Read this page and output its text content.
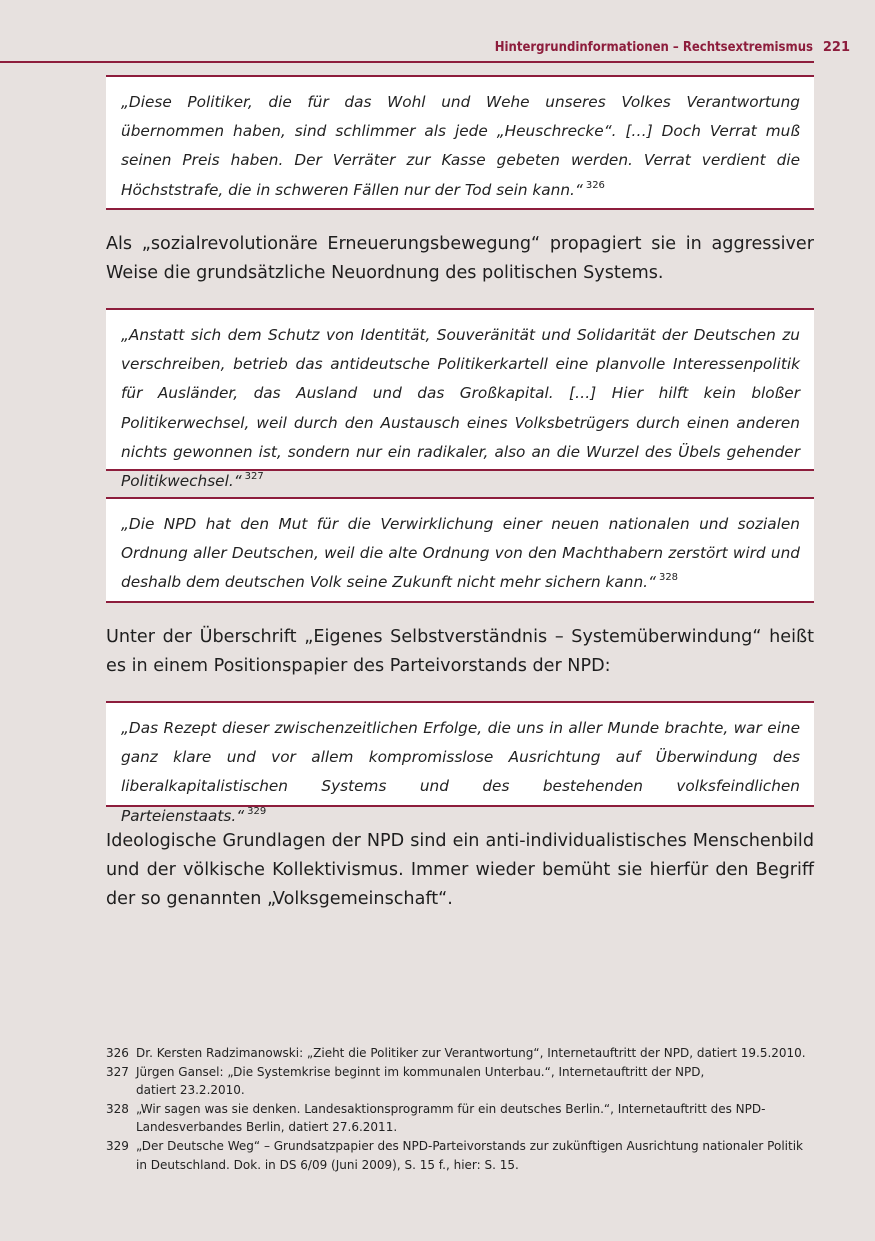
Hintergrundinformationen – Rechtsextremismus 221
„Diese Politiker, die für das Wohl und Wehe unseres Volkes Verantwortung übernommen haben, sind schlimmer als jede „Heuschrecke“. […] Doch Verrat muß seinen Preis haben. Der Verräter zur Kasse gebeten werden. Verrat verdient die Höchststrafe, die in schweren Fällen nur der Tod sein kann.“ $^{326}$
Als „sozialrevolutionäre Erneuerungsbewegung“ propagiert sie in aggressiver Weise die grundsätzliche Neuordnung des politischen Systems.
„Anstatt sich dem Schutz von Identität, Souveränität und Solidarität der Deutschen zu verschreiben, betrieb das antideutsche Politikerkartell eine planvolle Interessenpolitik für Ausländer, das Ausland und das Großkapital. […] Hier hilft kein bloßer Politikerwechsel, weil durch den Austausch eines Volksbetrügers durch einen anderen nichts gewonnen ist, sondern nur ein radikaler, also an die Wurzel des Übels gehender Politikwechsel.“ $^{327}$
„Die NPD hat den Mut für die Verwirklichung einer neuen nationalen und sozialen Ordnung aller Deutschen, weil die alte Ordnung von den Machthabern zerstört wird und deshalb dem deutschen Volk seine Zukunft nicht mehr sichern kann.“ $^{328}$
Unter der Überschrift „Eigenes Selbstverständnis – Systemüberwindung“ heißt es in einem Positionspapier des Parteivorstands der NPD:
„Das Rezept dieser zwischenzeitlichen Erfolge, die uns in aller Munde brachte, war eine ganz klare und vor allem kompromisslose Ausrichtung auf Überwindung des liberalkapitalistischen Systems und des bestehenden volksfeindlichen Parteienstaats.“ $^{329}$
Ideologische Grundlagen der NPD sind ein anti-individualistisches Menschenbild und der völkische Kollektivismus. Immer wieder bemüht sie hierfür den Begriff der so genannten „Volksgemeinschaft“.
326 Dr. Kersten Radzimanowski: „Zieht die Politiker zur Verantwortung“, Internetauftritt der NPD, datiert 19.5.2010.
327 Jürgen Gansel: „Die Systemkrise beginnt im kommunalen Unterbau.“, Internetauftritt der NPD, datiert 23.2.2010.
328 „Wir sagen was sie denken. Landesaktionsprogramm für ein deutsches Berlin.“, Internetauftritt des NPD-Landesverbandes Berlin, datiert 27.6.2011.
329 „Der Deutsche Weg“ – Grundsatzpapier des NPD-Parteivorstands zur zukünftigen Ausrichtung nationaler Politik in Deutschland. Dok. in DS 6/09 (Juni 2009), S. 15 f., hier: S. 15.
